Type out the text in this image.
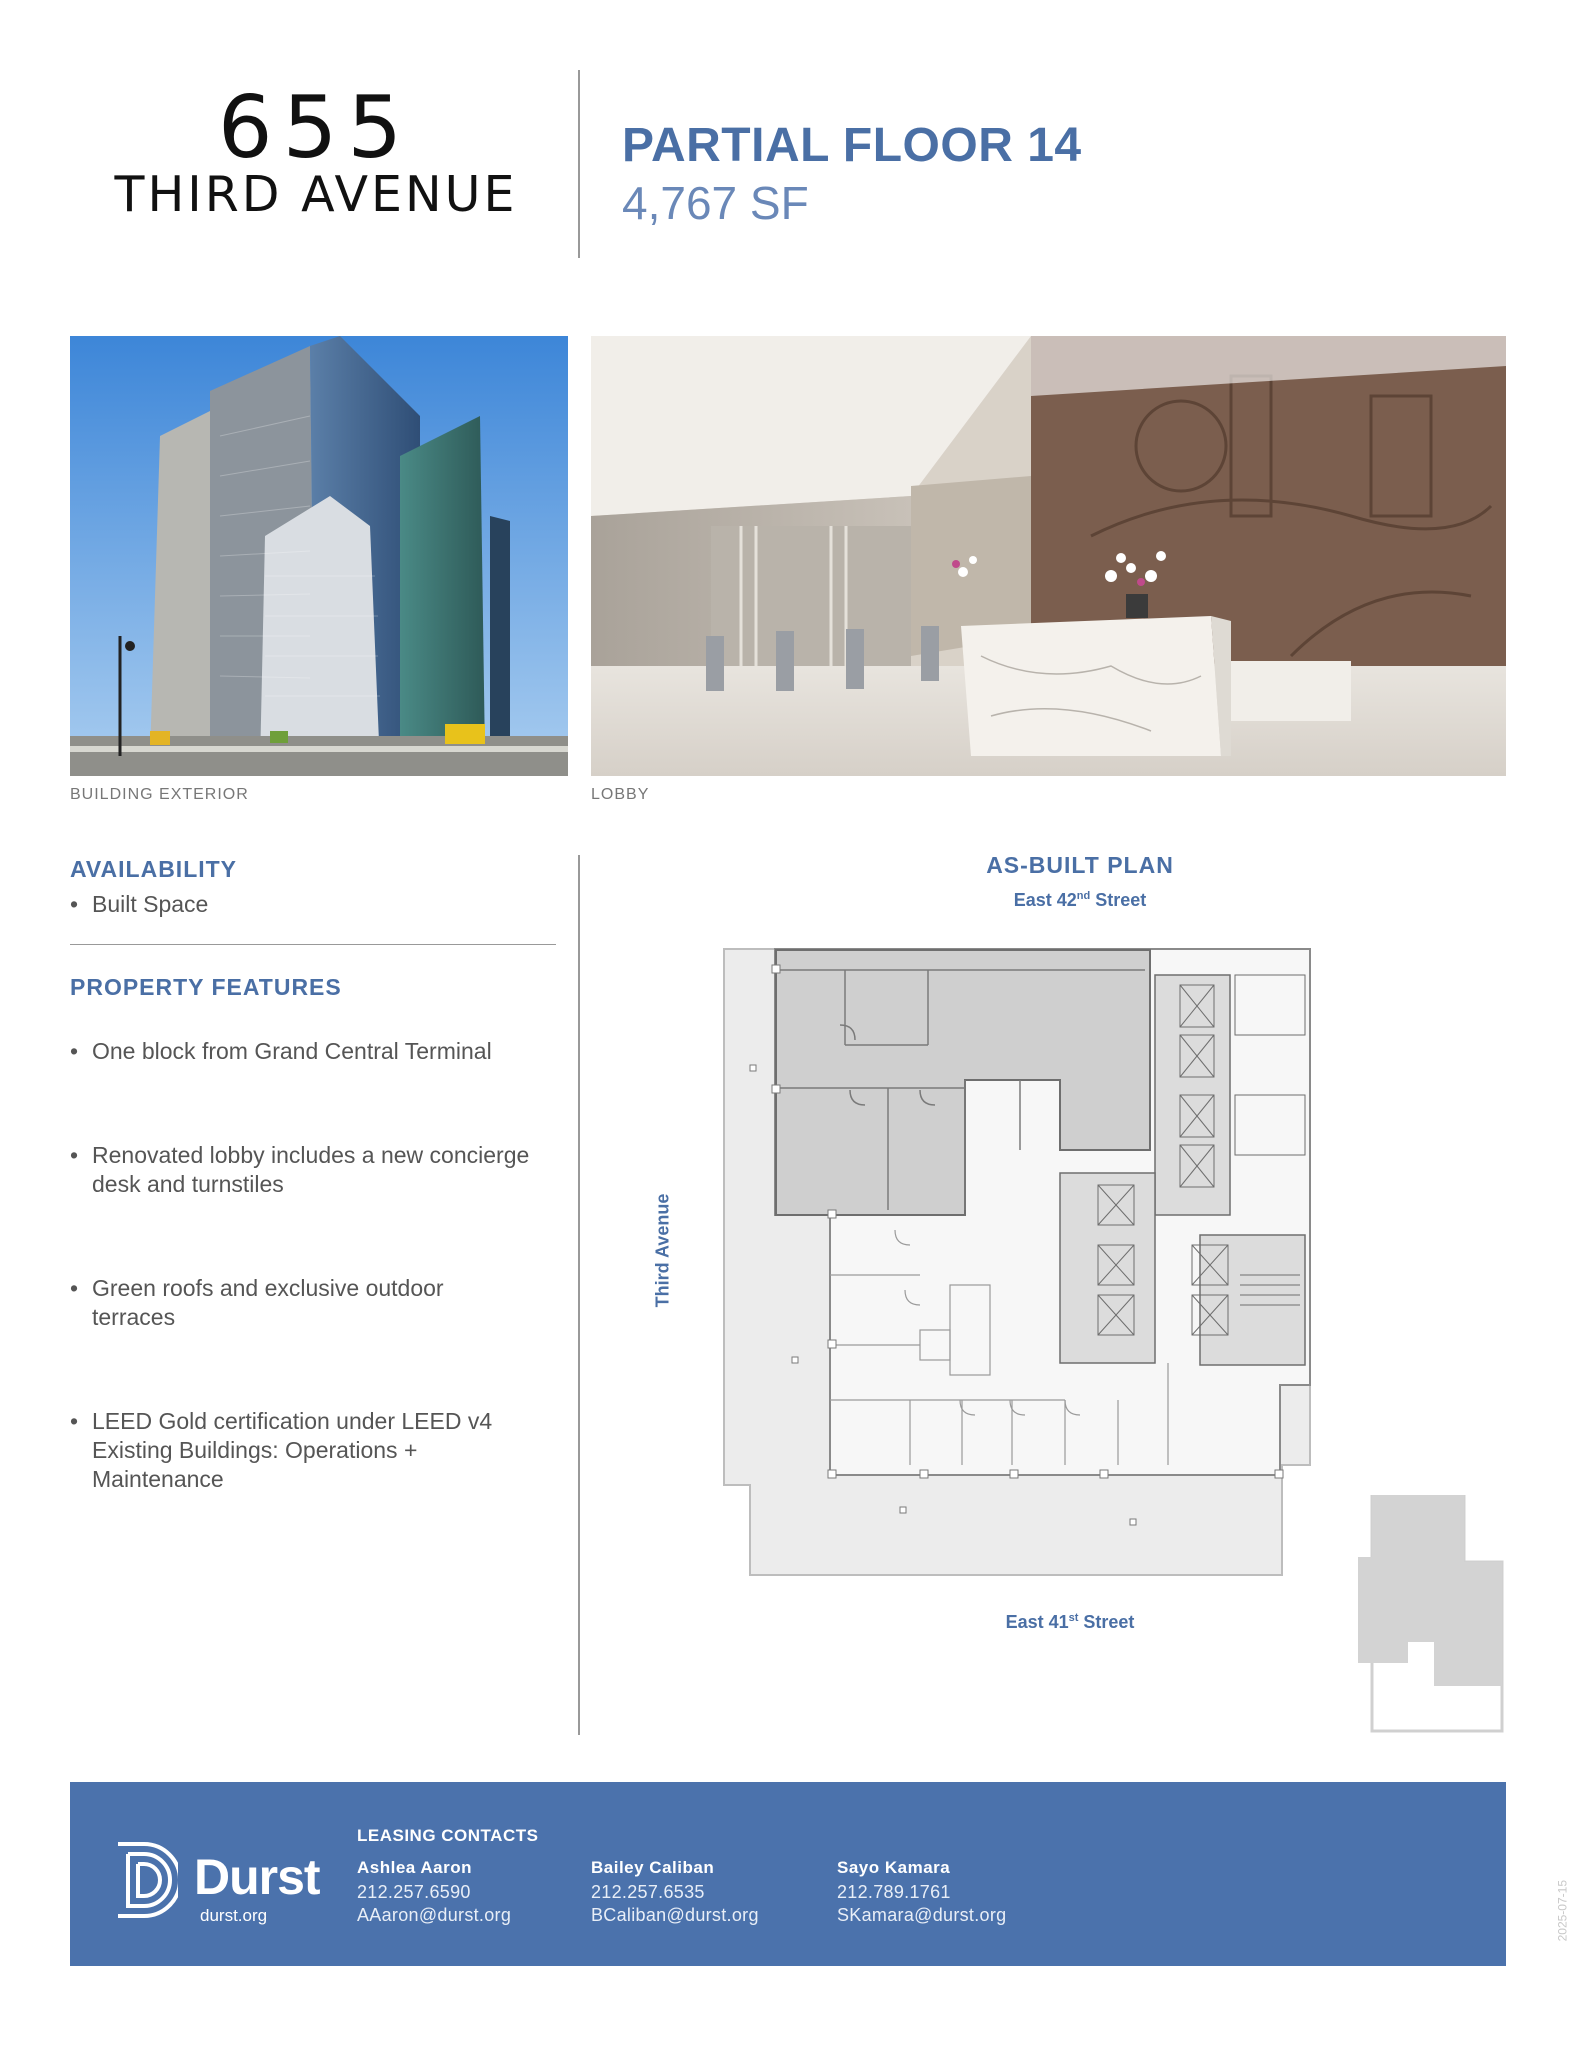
655
THIRD AVENUE
PARTIAL FLOOR 14
4,767 SF
BUILDING EXTERIOR	LOBBY
AVAILABILITY
• Built Space
PROPERTY FEATURES
• One block from Grand Central Terminal
• Renovated lobby includes a new concierge desk and turnstiles
• Green roofs and exclusive outdoor terraces
• LEED Gold certification under LEED v4 Existing Buildings: Operations + Maintenance
AS-BUILT PLAN
East 42nd Street
Third Avenue
East 41st Street
Durst
durst.org
LEASING CONTACTS
Ashlea Aaron
212.257.6590
AAaron@durst.org
Bailey Caliban
212.257.6535
BCaliban@durst.org
Sayo Kamara
212.789.1761
SKamara@durst.org	2025-07-15
